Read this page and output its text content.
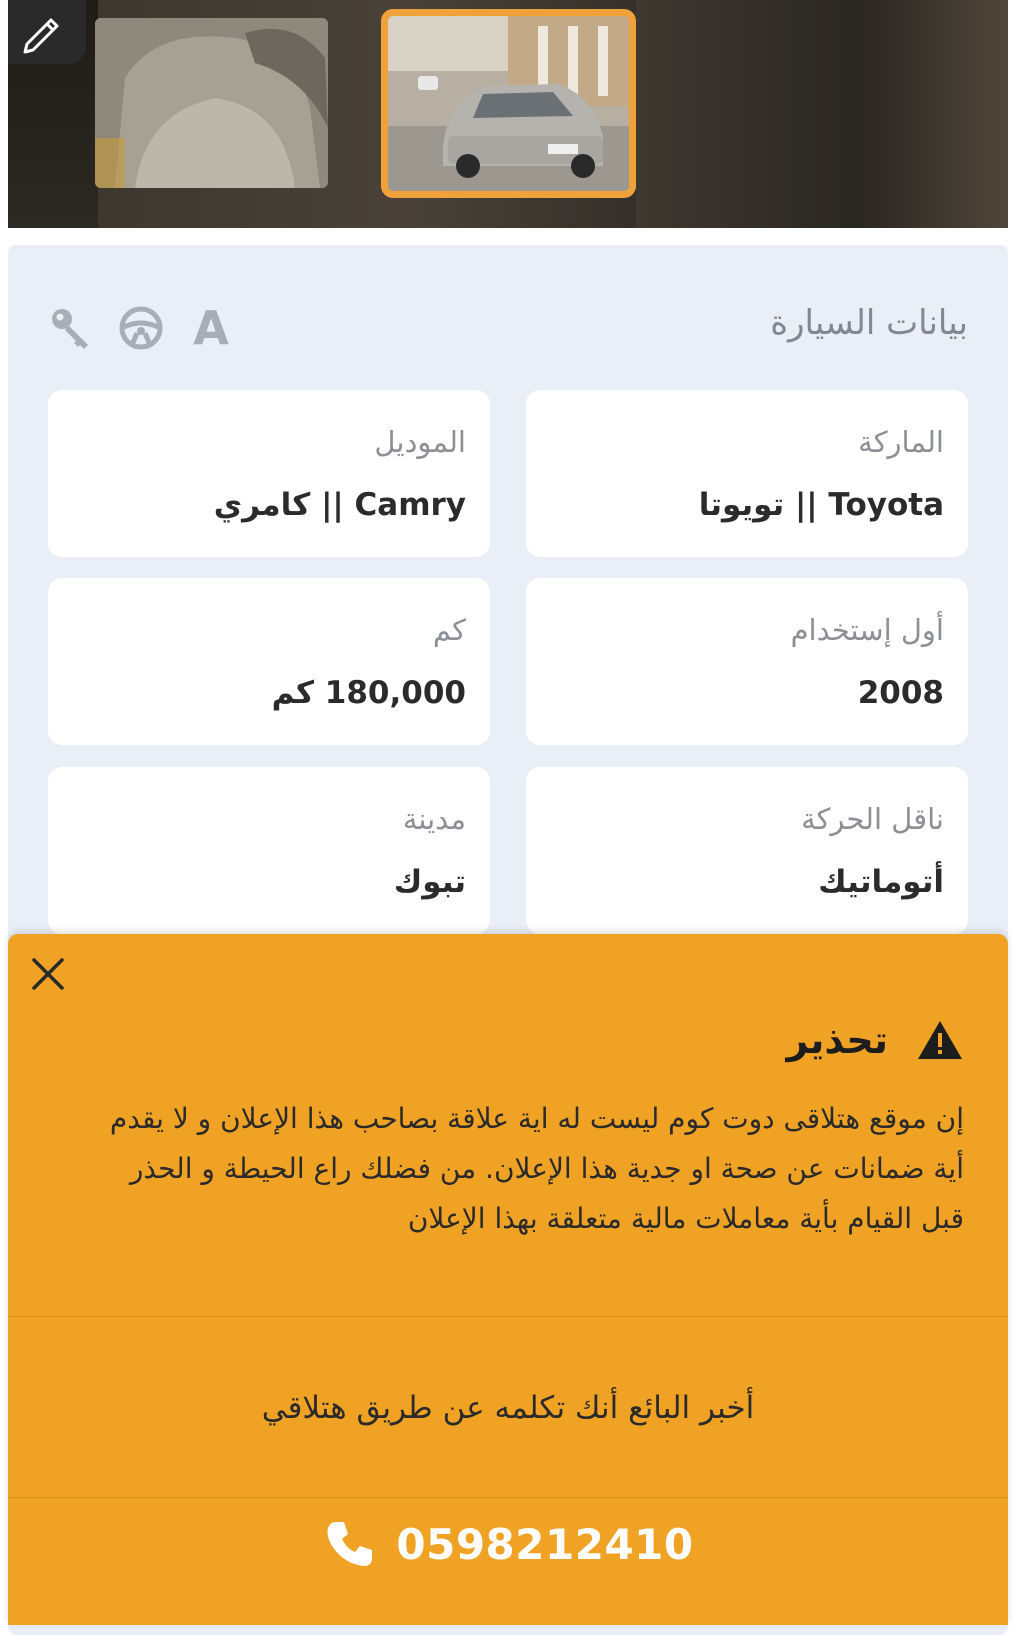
بيانات السيارة
A
الماركة
Toyota || تويوتا
الموديل
Camry || كامري
أول إستخدام
2008
كم
180,000 كم
ناقل الحركة
أتوماتيك
مدينة
تبوك
تحذير
إن موقع هتلاقى دوت كوم ليست له اية علاقة بصاحب هذا الإعلان و لا يقدم أية ضمانات عن صحة او جدية هذا الإعلان. من فضلك راع الحيطة و الحذر قبل القيام بأية معاملات مالية متعلقة بهذا الإعلان
أخبر البائع أنك تكلمه عن طريق هتلاقي
0598212410
